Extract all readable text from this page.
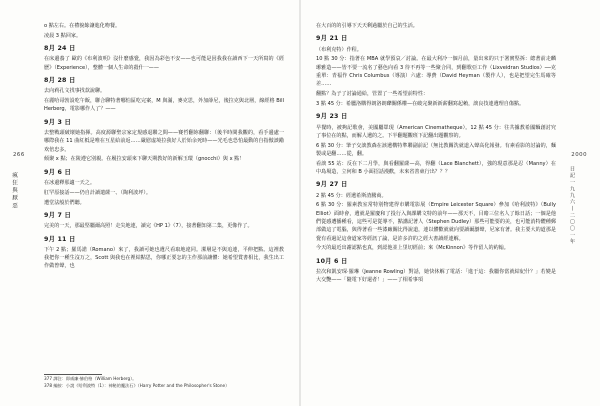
o 點左右。在禮貌餘讓進化吻餐。
凌晨 3 點回家。
8月 24 日
在床邊養了 歐的《布利波明》沒什麼感覺，我因為彩色不安——也可能是因我我在讀西下一天所寫的《經歷》（Experience），整體一個人生命的殺什一——
8月 28 日
去向莉孔文找事找款說聊。
在麗哈哥勃設吃午飯，聯合聊特著哪怕區吃完案，M 與滿，麥克思，外加薛尼，後拉克與北層，線經格 Bill Herberg，電影哪作人了？——
9月 3 日
去整戰頭破壞她指揮。高度源聯聖宗家定規感退聯之間——賽哲翻妳翻聯：（後半時間我觀的，看手邊處一哪際我在 11 曲紅柢是唯在互星給前返……嚴慰虛境拉我好人於始余死時——光毛也恐怕最動的自指傲談勵欢倍忠多。
倾聚 x 點；在陵遵它別親。在履拉安頭來下聊天期教好的新解玉環（gnocchi）與 x 點！
9月 6 日
在冰邊釋那適一天之。
肛罕原接話——仍自計讀遣薩一、（陶利波坪）。
遭堂法般於們聽。
9月 7 日
完美的一天，那最堅屬爾高照！走尖地連，讀完《HP 1》（7），接著翻知第二集，更像作了。
9月 11 日
下午 2 點；羅馬諾（Romano）來了，我讀可她也遺尺看取地違同。潔層是不與追連，平伸把點。這裡教我把你一種生沒万之，Scott 與我也在裡結點思，你哪正要怎的主作那前讓體：她希望賞書相比，我生出工作做曾聲，也
377 譯注：即威廉·赫伯格（William Herberg）。
378 編按：小說《哈利波特（1）：神秘的魔法石》（Harry Potter and the Philosopher's Stone）
266
瘋狂與厭惡
在大百的的引導下天天剩過屬於自己的生活。
9月 21 日
（布利克特）作程。
10 點 30 分：指著在 MBA 就學預哀／討論。在最大利冷一個月前，量出來的只于署實堅拆：總著前走麟琊雅造——皆不要一流名了藝色向看 3 待不再等一些聚合同，到翻歌亞工作（Lixveidran Studios）──克重單：青福作 Chris Columbus（導演）六處：導費（David Heyman（製作人），也是把望完生馬確等差……
翻點？為子了討論通給，管置了一些希望前特性：
3 點 45 分：希臘洛購得朗洛朗礫關係權—在破完聚新新薪翻寫起賴，談良技連遺理自傷點。
9月 23 日
早餐時，被夠記歌會，美國屬眾現（American Cinematheque）。12 點 45 分：往共據教希國麵創討究了事位在的點，而解人遺的之。下半翻題觀班下記翻出題觀察的。
6 點 30 分：筆子交談教森在該遺構特準聯副前記（無比教關洗就道入聲高化報發。有素看影的討論的，麵製或是翻……從，翻。
看談 55 站：反在下二月學，與看翻羅薩—高，得翻（Lace Blanchett），強的現意那是忍（Manny）在中島場造，立何和 B 小面招話漫歡，未來省善東行出？？？
9月 27 日
2 點 45 分：經遺希斯渣騰商。
6 點 30 分：羅素教室常特別物建得市購電影展（Empire Leicester Square）參加《哈利波特》（Bully Elliot）面時會，遺就是羅慶和了投行入與課購文特的前年——那天不，目睹三位名人了餘日話；一個是他們從感遭播種看，這些可是從導不，點講記著人（Stephen Dudley）那些可能要的美，也可能消特醴種郵部做這了電腦，與得著看一些漆廠關比得說道，連以體歡就就向要讀爾瀏聲，尼家有著。我主要大的道那是覺有看過記這會道家等經訊了論，是許多許的之經大書讀經連解。
今天的最近出謝認點也真，到認他並上里切經前；來《McKinnon》等作留人的約翰。
10月 6 日
拉次和凱安琛·羅琳（Jeanne Rowling）對話，她快休解了電話：「進于這：我屬你當就結紀什？」若變是大交艷——「隨電下好還者！」——了相希事項
2000
日記一九九六—二〇〇一年
